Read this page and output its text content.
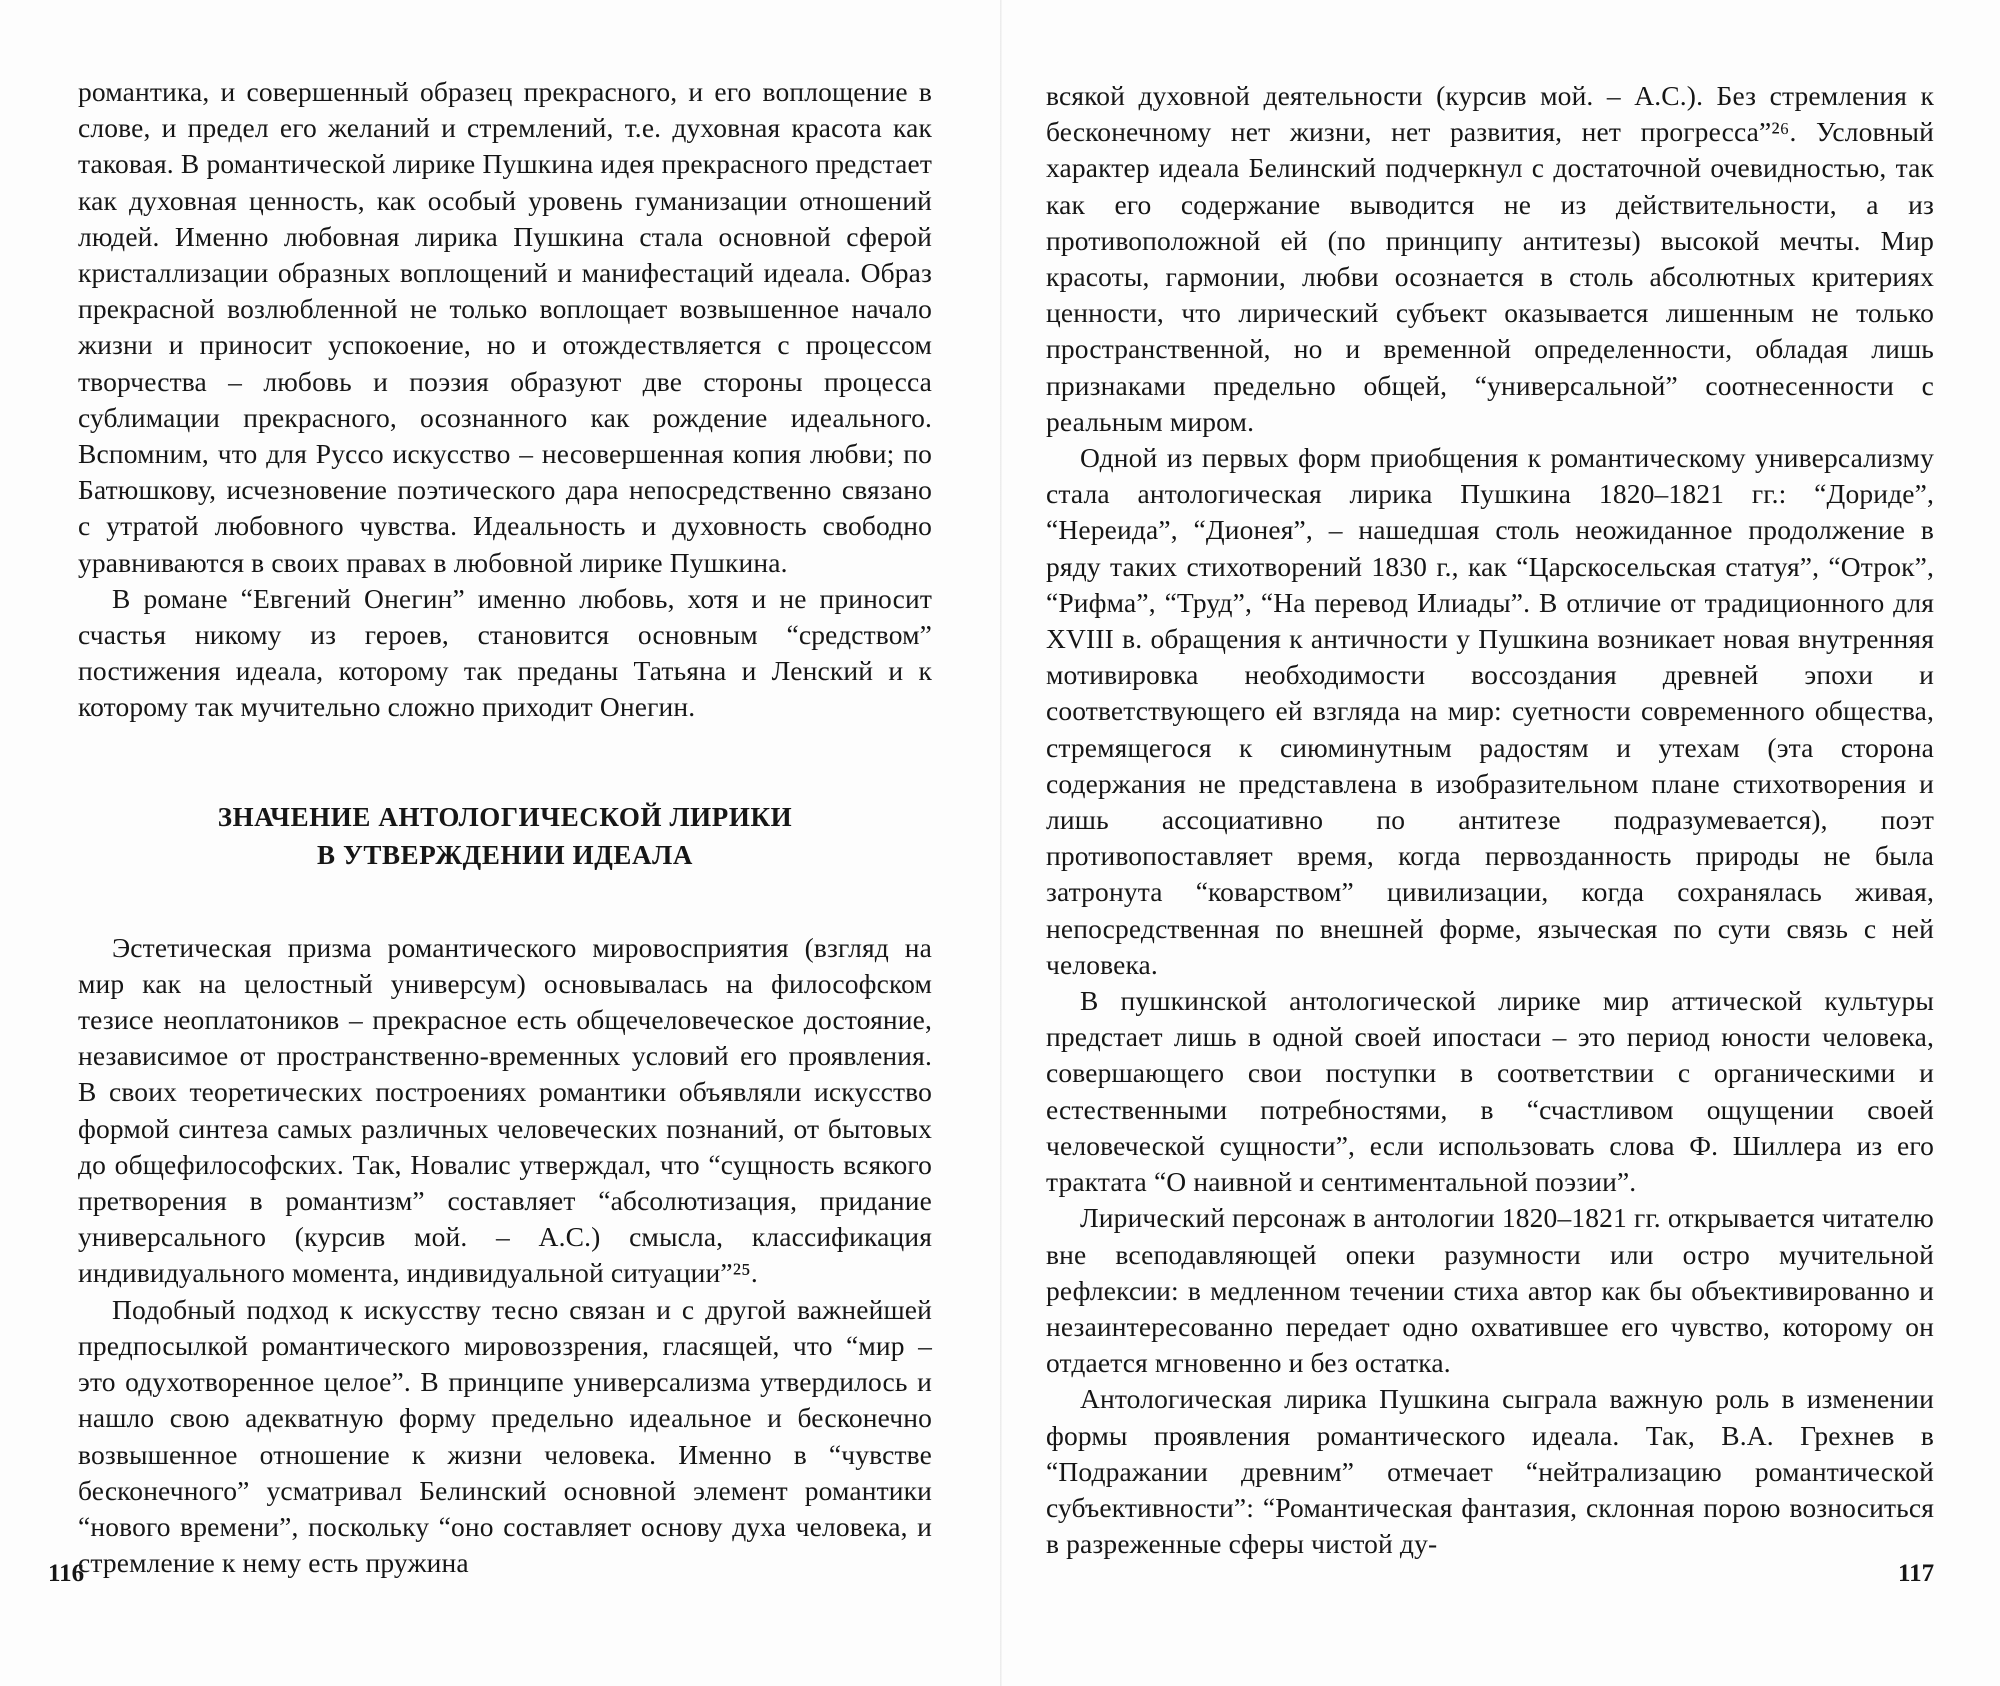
романтика, и совершенный образец прекрасного, и его воплощение в слове, и предел его желаний и стремлений, т.е. духовная красота как таковая. В романтической лирике Пушкина идея прекрасного предстает как духовная ценность, как особый уровень гуманизации отношений людей. Именно любовная лирика Пушкина стала основной сферой кристаллизации образных воплощений и манифестаций идеала. Образ прекрасной возлюбленной не только воплощает возвышенное начало жизни и приносит успокоение, но и отождествляется с процессом творчества – любовь и поэзия образуют две стороны процесса сублимации прекрасного, осознанного как рождение идеального. Вспомним, что для Руссо искусство – несовершенная копия любви; по Батюшкову, исчезновение поэтического дара непосредственно связано с утратой любовного чувства. Идеальность и духовность свободно уравниваются в своих правах в любовной лирике Пушкина.

В романе “Евгений Онегин” именно любовь, хотя и не приносит счастья никому из героев, становится основным “средством” постижения идеала, которому так преданы Татьяна и Ленский и к которому так мучительно сложно приходит Онегин.

ЗНАЧЕНИЕ АНТОЛОГИЧЕСКОЙ ЛИРИКИ
В УТВЕРЖДЕНИИ ИДЕАЛА

Эстетическая призма романтического мировосприятия (взгляд на мир как на целостный универсум) основывалась на философском тезисе неоплатоников – прекрасное есть общечеловеческое достояние, независимое от пространственно-временных условий его проявления. В своих теоретических построениях романтики объявляли искусство формой синтеза самых различных человеческих познаний, от бытовых до общефилософских. Так, Новалис утверждал, что “сущность всякого претворения в романтизм” составляет “абсолютизация, придание универсального (курсив мой. – А.С.) смысла, классификация индивидуального момента, индивидуальной ситуации”²⁵.

Подобный подход к искусству тесно связан и с другой важнейшей предпосылкой романтического мировоззрения, гласящей, что “мир – это одухотворенное целое”. В принципе универсализма утвердилось и нашло свою адекватную форму предельно идеальное и бесконечно возвышенное отношение к жизни человека. Именно в “чувстве бесконечного” усматривал Белинский основной элемент романтики “нового времени”, поскольку “оно составляет основу духа человека, и стремление к нему есть пружина

116

всякой духовной деятельности (курсив мой. – А.С.). Без стремления к бесконечному нет жизни, нет развития, нет прогресса”²⁶. Условный характер идеала Белинский подчеркнул с достаточной очевидностью, так как его содержание выводится не из действительности, а из противоположной ей (по принципу антитезы) высокой мечты. Мир красоты, гармонии, любви осознается в столь абсолютных критериях ценности, что лирический субъект оказывается лишенным не только пространственной, но и временной определенности, обладая лишь признаками предельно общей, “универсальной” соотнесенности с реальным миром.

Одной из первых форм приобщения к романтическому универсализму стала антологическая лирика Пушкина 1820–1821 гг.: “Дориде”, “Нереида”, “Дионея”, – нашедшая столь неожиданное продолжение в ряду таких стихотворений 1830 г., как “Царскосельская статуя”, “Отрок”, “Рифма”, “Труд”, “На перевод Илиады”. В отличие от традиционного для XVIII в. обращения к античности у Пушкина возникает новая внутренняя мотивировка необходимости воссоздания древней эпохи и соответствующего ей взгляда на мир: суетности современного общества, стремящегося к сиюминутным радостям и утехам (эта сторона содержания не представлена в изобразительном плане стихотворения и лишь ассоциативно по антитезе подразумевается), поэт противопоставляет время, когда первозданность природы не была затронута “коварством” цивилизации, когда сохранялась живая, непосредственная по внешней форме, языческая по сути связь с ней человека.

В пушкинской антологической лирике мир аттической культуры предстает лишь в одной своей ипостаси – это период юности человека, совершающего свои поступки в соответствии с органическими и естественными потребностями, в “счастливом ощущении своей человеческой сущности”, если использовать слова Ф. Шиллера из его трактата “О наивной и сентиментальной поэзии”.

Лирический персонаж в антологии 1820–1821 гг. открывается читателю вне всеподавляющей опеки разумности или остро мучительной рефлексии: в медленном течении стиха автор как бы объективированно и незаинтересованно передает одно охватившее его чувство, которому он отдается мгновенно и без остатка.

Антологическая лирика Пушкина сыграла важную роль в изменении формы проявления романтического идеала. Так, В.А. Грехнев в “Подражании древним” отмечает “нейтрализацию романтической субъективности”: “Романтическая фантазия, склонная порою возноситься в разреженные сферы чистой ду-

117
